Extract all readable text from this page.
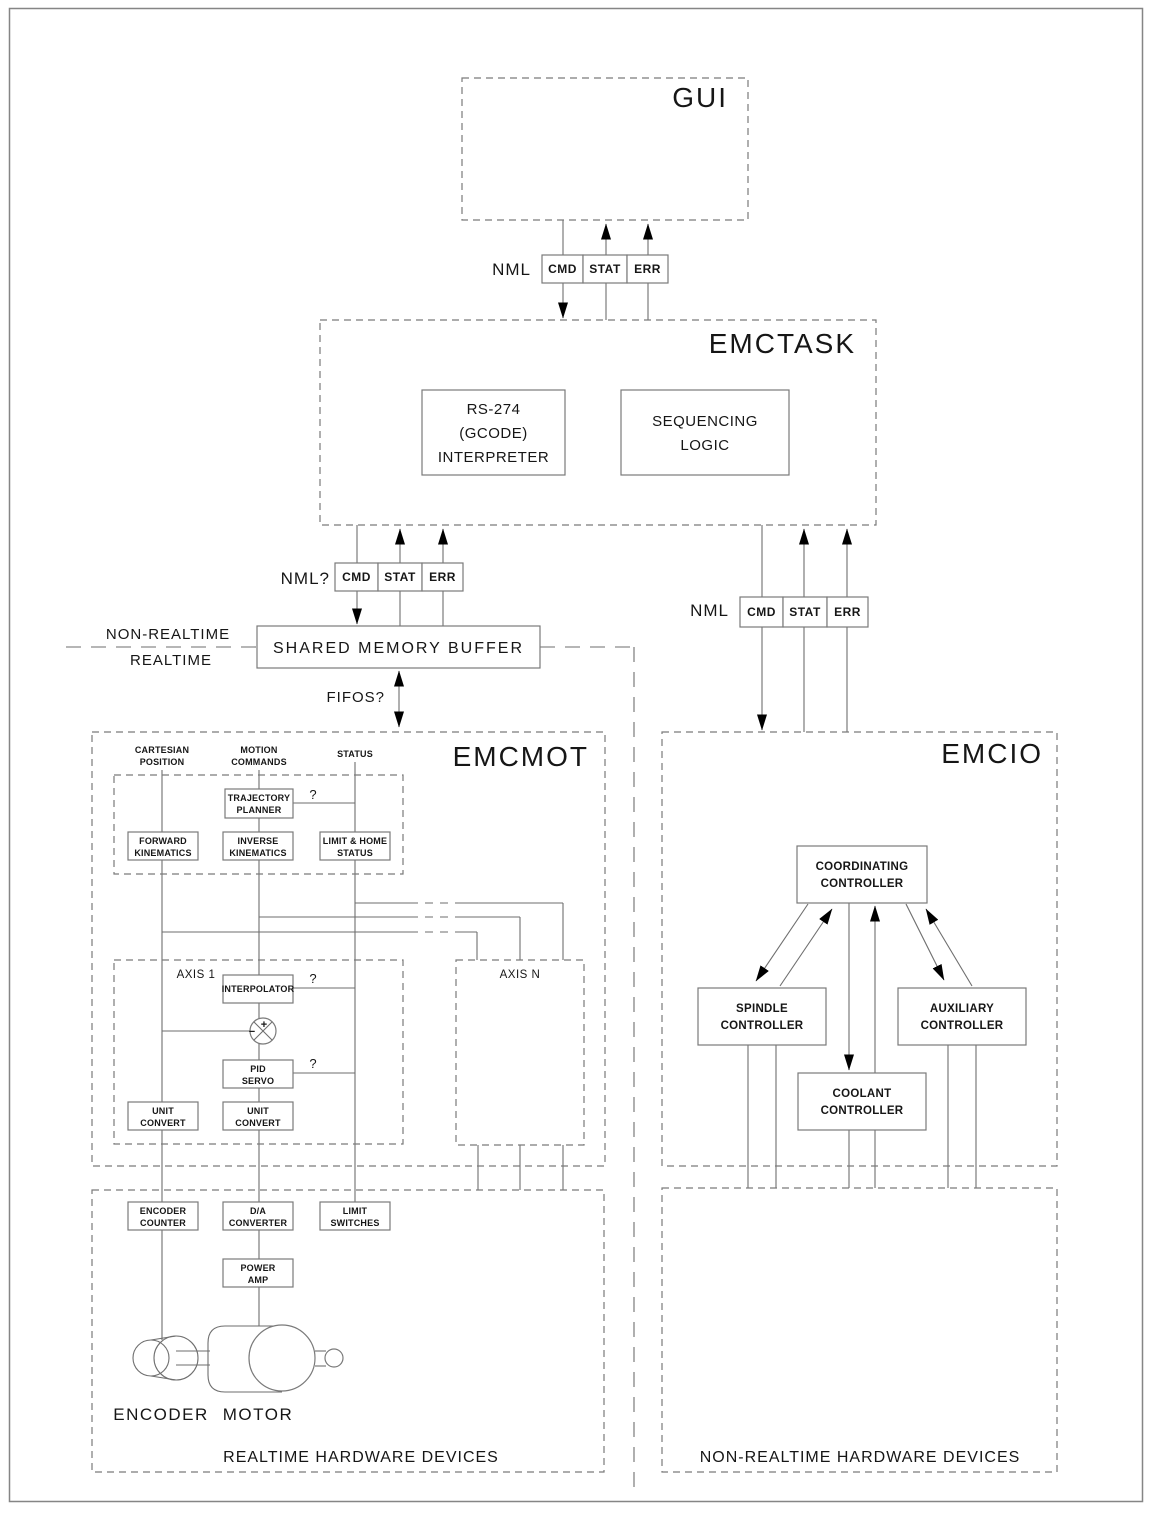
GUI
EMCTASK
EMCMOT	EMCIO
NML CMD STAT ERR
NML? CMD STAT ERR
NML CMD STAT ERR
RS-274
(GCODE)
INTERPRETER
SEQUENCING
LOGIC
SHARED MEMORY BUFFER
NON-REALTIME
REALTIME
FIFOS?
CARTESIAN
POSITION
MOTION
COMMANDS
STATUS
TRAJECTORY
PLANNER
?
FORWARD
KINEMATICS
INVERSE
KINEMATICS
LIMIT & HOME
STATUS
AXIS 1	AXIS N
INTERPOLATOR
?
+
−
PID
SERVO
?
UNIT
CONVERT
UNIT
CONVERT
COORDINATING
CONTROLLER
SPINDLE
CONTROLLER
AUXILIARY
CONTROLLER
COOLANT
CONTROLLER
ENCODER
COUNTER
D/A
CONVERTER
LIMIT
SWITCHES
POWER
AMP
ENCODER MOTOR
REALTIME HARDWARE DEVICES	NON-REALTIME HARDWARE DEVICES
